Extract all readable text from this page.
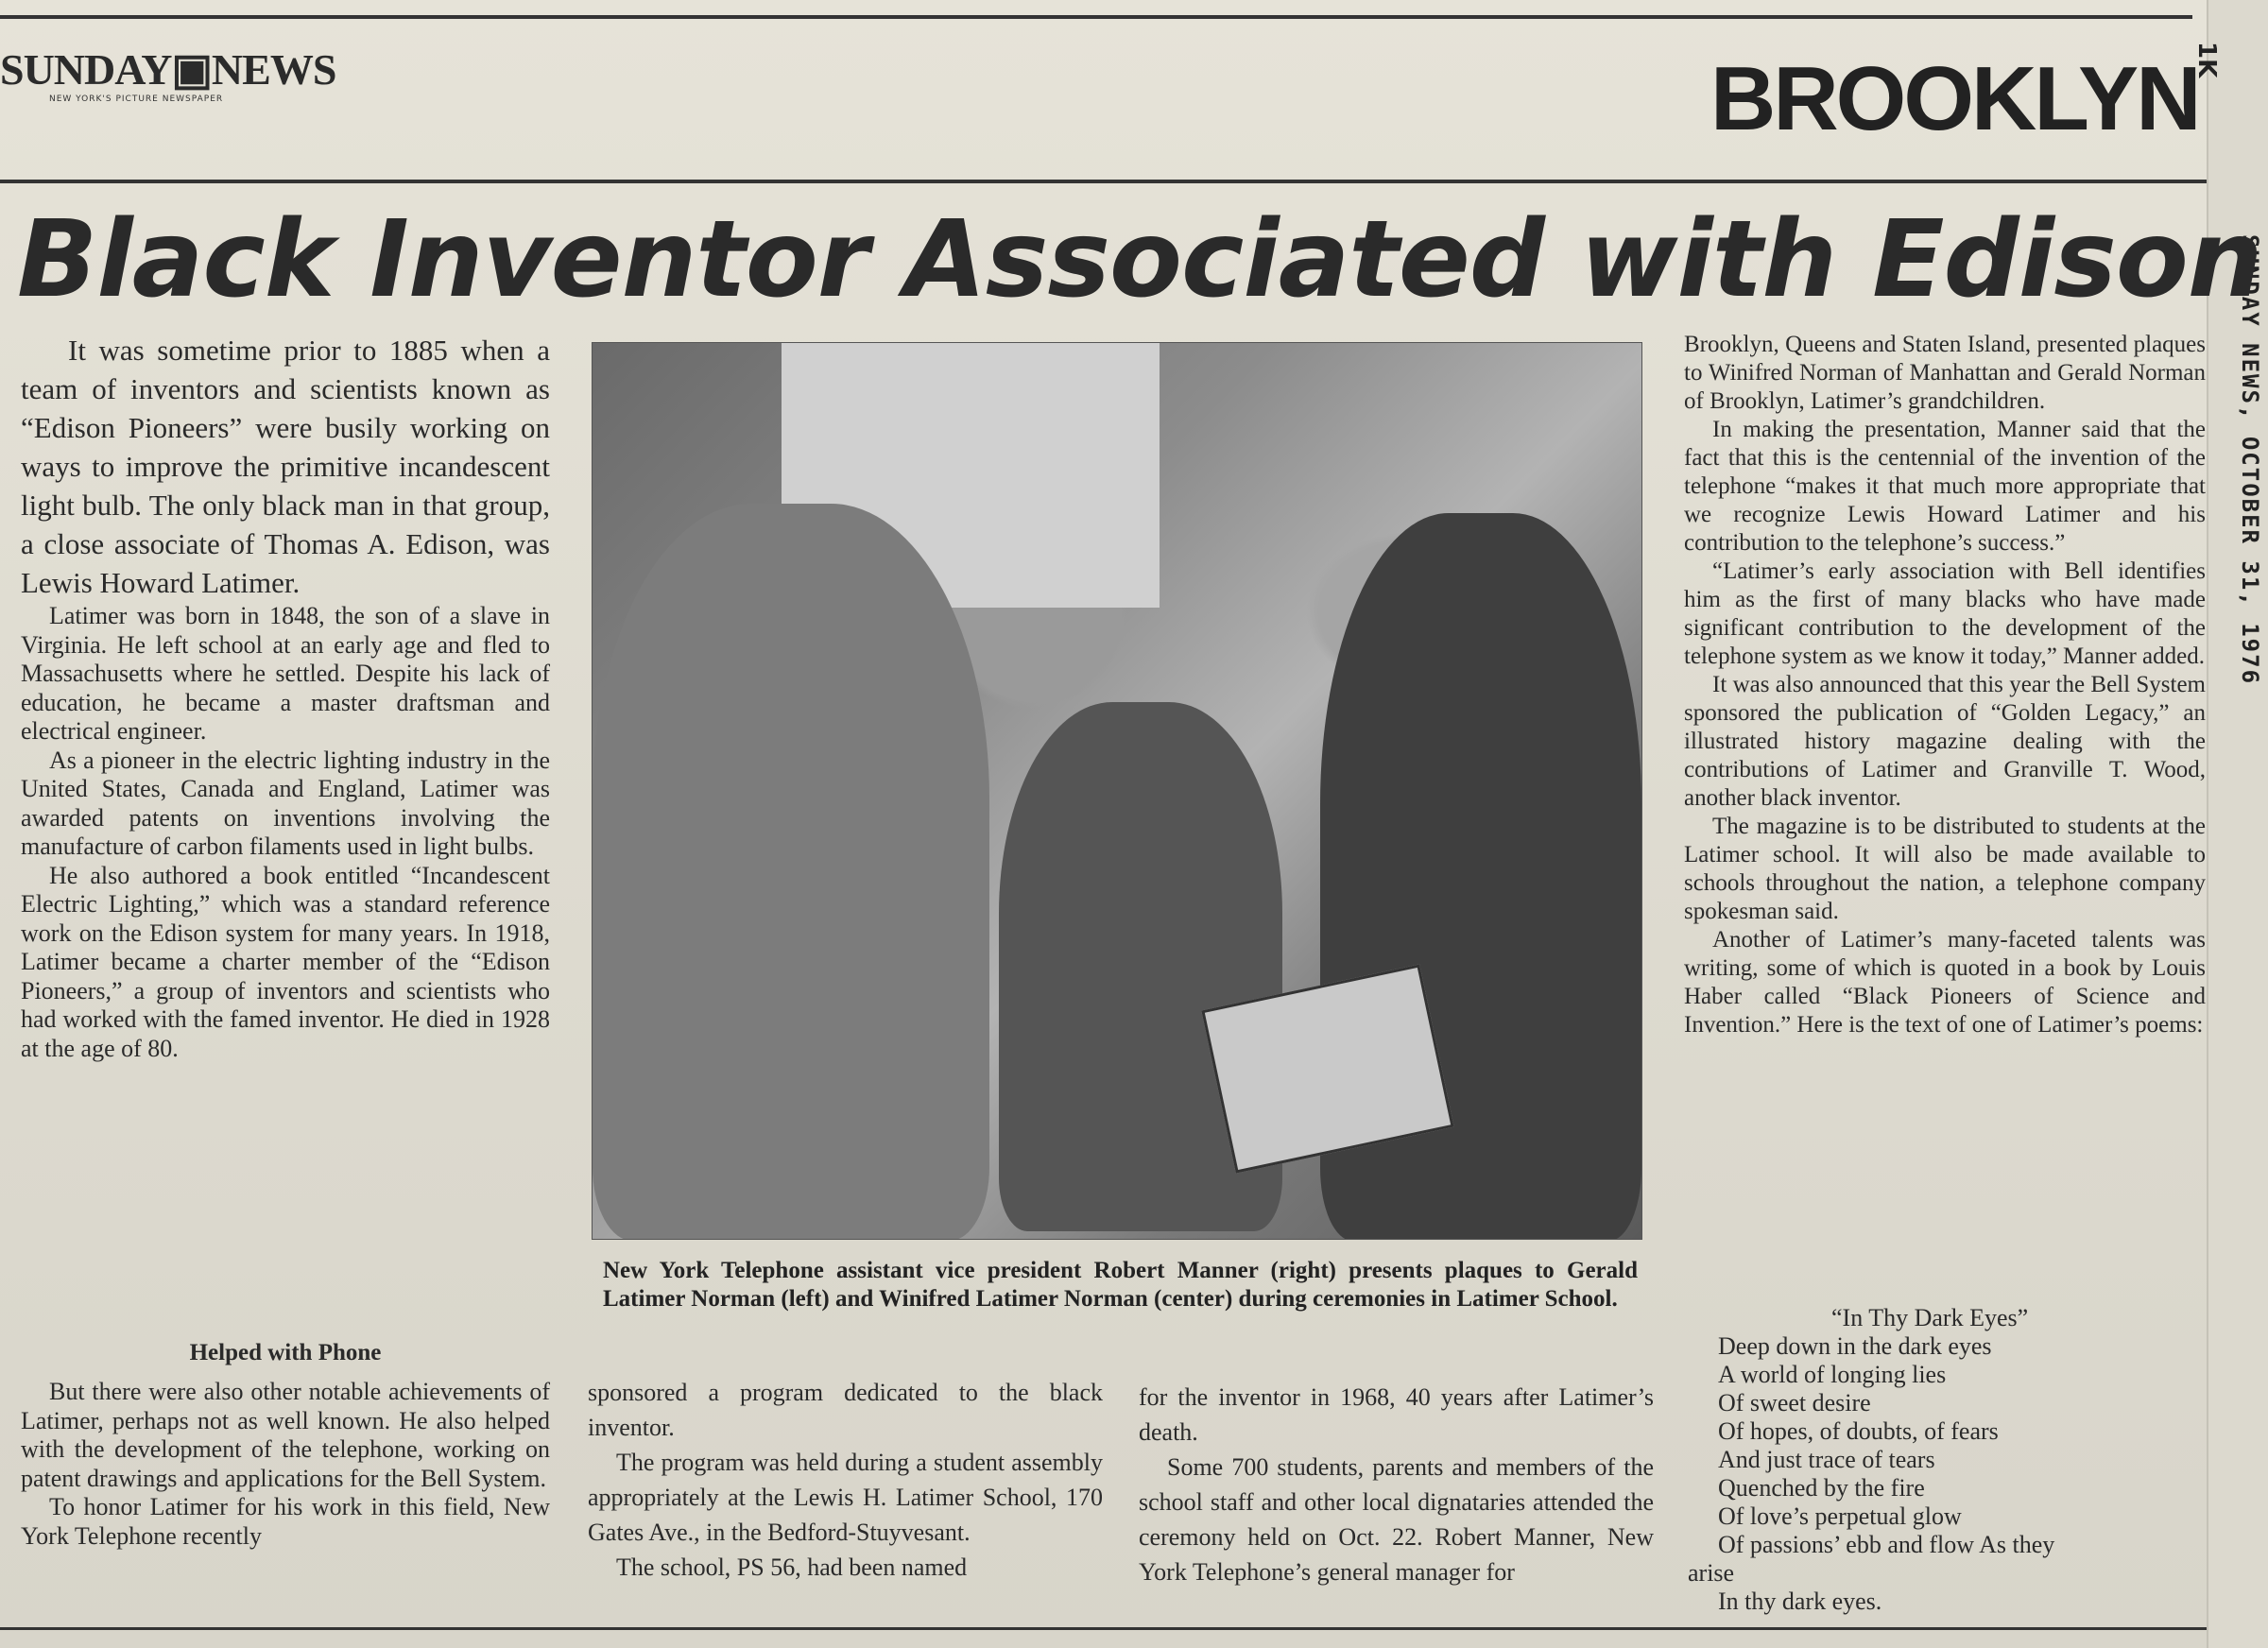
SUNDAY▣NEWS
NEW YORK'S PICTURE NEWSPAPER	BROOKLYN
1K
SUNDAY NEWS, OCTOBER 31, 1976
Black Inventor Associated with Edison

It was sometime prior to 1885 when a team of inventors and scientists known as “Edison Pioneers” were busily working on ways to improve the primitive incandescent light bulb. The only black man in that group, a close associate of Thomas A. Edison, was Lewis Howard Latimer.

Latimer was born in 1848, the son of a slave in Virginia. He left school at an early age and fled to Massachusetts where he settled. Despite his lack of education, he became a master draftsman and electrical engineer.

As a pioneer in the electric lighting industry in the United States, Canada and England, Latimer was awarded patents on inventions involving the manufacture of carbon filaments used in light bulbs.

He also authored a book entitled “Incandescent Electric Lighting,” which was a standard reference work on the Edison system for many years. In 1918, Latimer became a charter member of the “Edison Pioneers,” a group of inventors and scientists who had worked with the famed inventor. He died in 1928 at the age of 80.

Helped with Phone

But there were also other notable achievements of Latimer, perhaps not as well known. He also helped with the development of the telephone, working on patent drawings and applications for the Bell System.

To honor Latimer for his work in this field, New York Telephone recently

New York Telephone assistant vice president Robert Manner (right) presents plaques to Gerald Latimer Norman (left) and Winifred Latimer Norman (center) during ceremonies in Latimer School.

sponsored a program dedicated to the black inventor.

The program was held during a student assembly appropriately at the Lewis H. Latimer School, 170 Gates Ave., in the Bedford-Stuyvesant.

The school, PS 56, had been named

for the inventor in 1968, 40 years after Latimer’s death.

Some 700 students, parents and members of the school staff and other local dignataries attended the ceremony held on Oct. 22. Robert Manner, New York Telephone’s general manager for

Brooklyn, Queens and Staten Island, presented plaques to Winifred Norman of Manhattan and Gerald Norman of Brooklyn, Latimer’s grandchildren.

In making the presentation, Manner said that the fact that this is the centennial of the invention of the telephone “makes it that much more appropriate that we recognize Lewis Howard Latimer and his contribution to the telephone’s success.”

“Latimer’s early association with Bell identifies him as the first of many blacks who have made significant contribution to the development of the telephone system as we know it today,” Manner added.

It was also announced that this year the Bell System sponsored the publication of “Golden Legacy,” an illustrated history magazine dealing with the contributions of Latimer and Granville T. Wood, another black inventor.

The magazine is to be distributed to students at the Latimer school. It will also be made available to schools throughout the nation, a telephone company spokesman said.

Another of Latimer’s many-faceted talents was writing, some of which is quoted in a book by Louis Haber called “Black Pioneers of Science and Invention.” Here is the text of one of Latimer’s poems:

“In Thy Dark Eyes”
Deep down in the dark eyes
A world of longing lies
Of sweet desire
Of hopes, of doubts, of fears
And just trace of tears
Quenched by the fire
Of love’s perpetual glow
Of passions’ ebb and flow As they
arise
In thy dark eyes.
